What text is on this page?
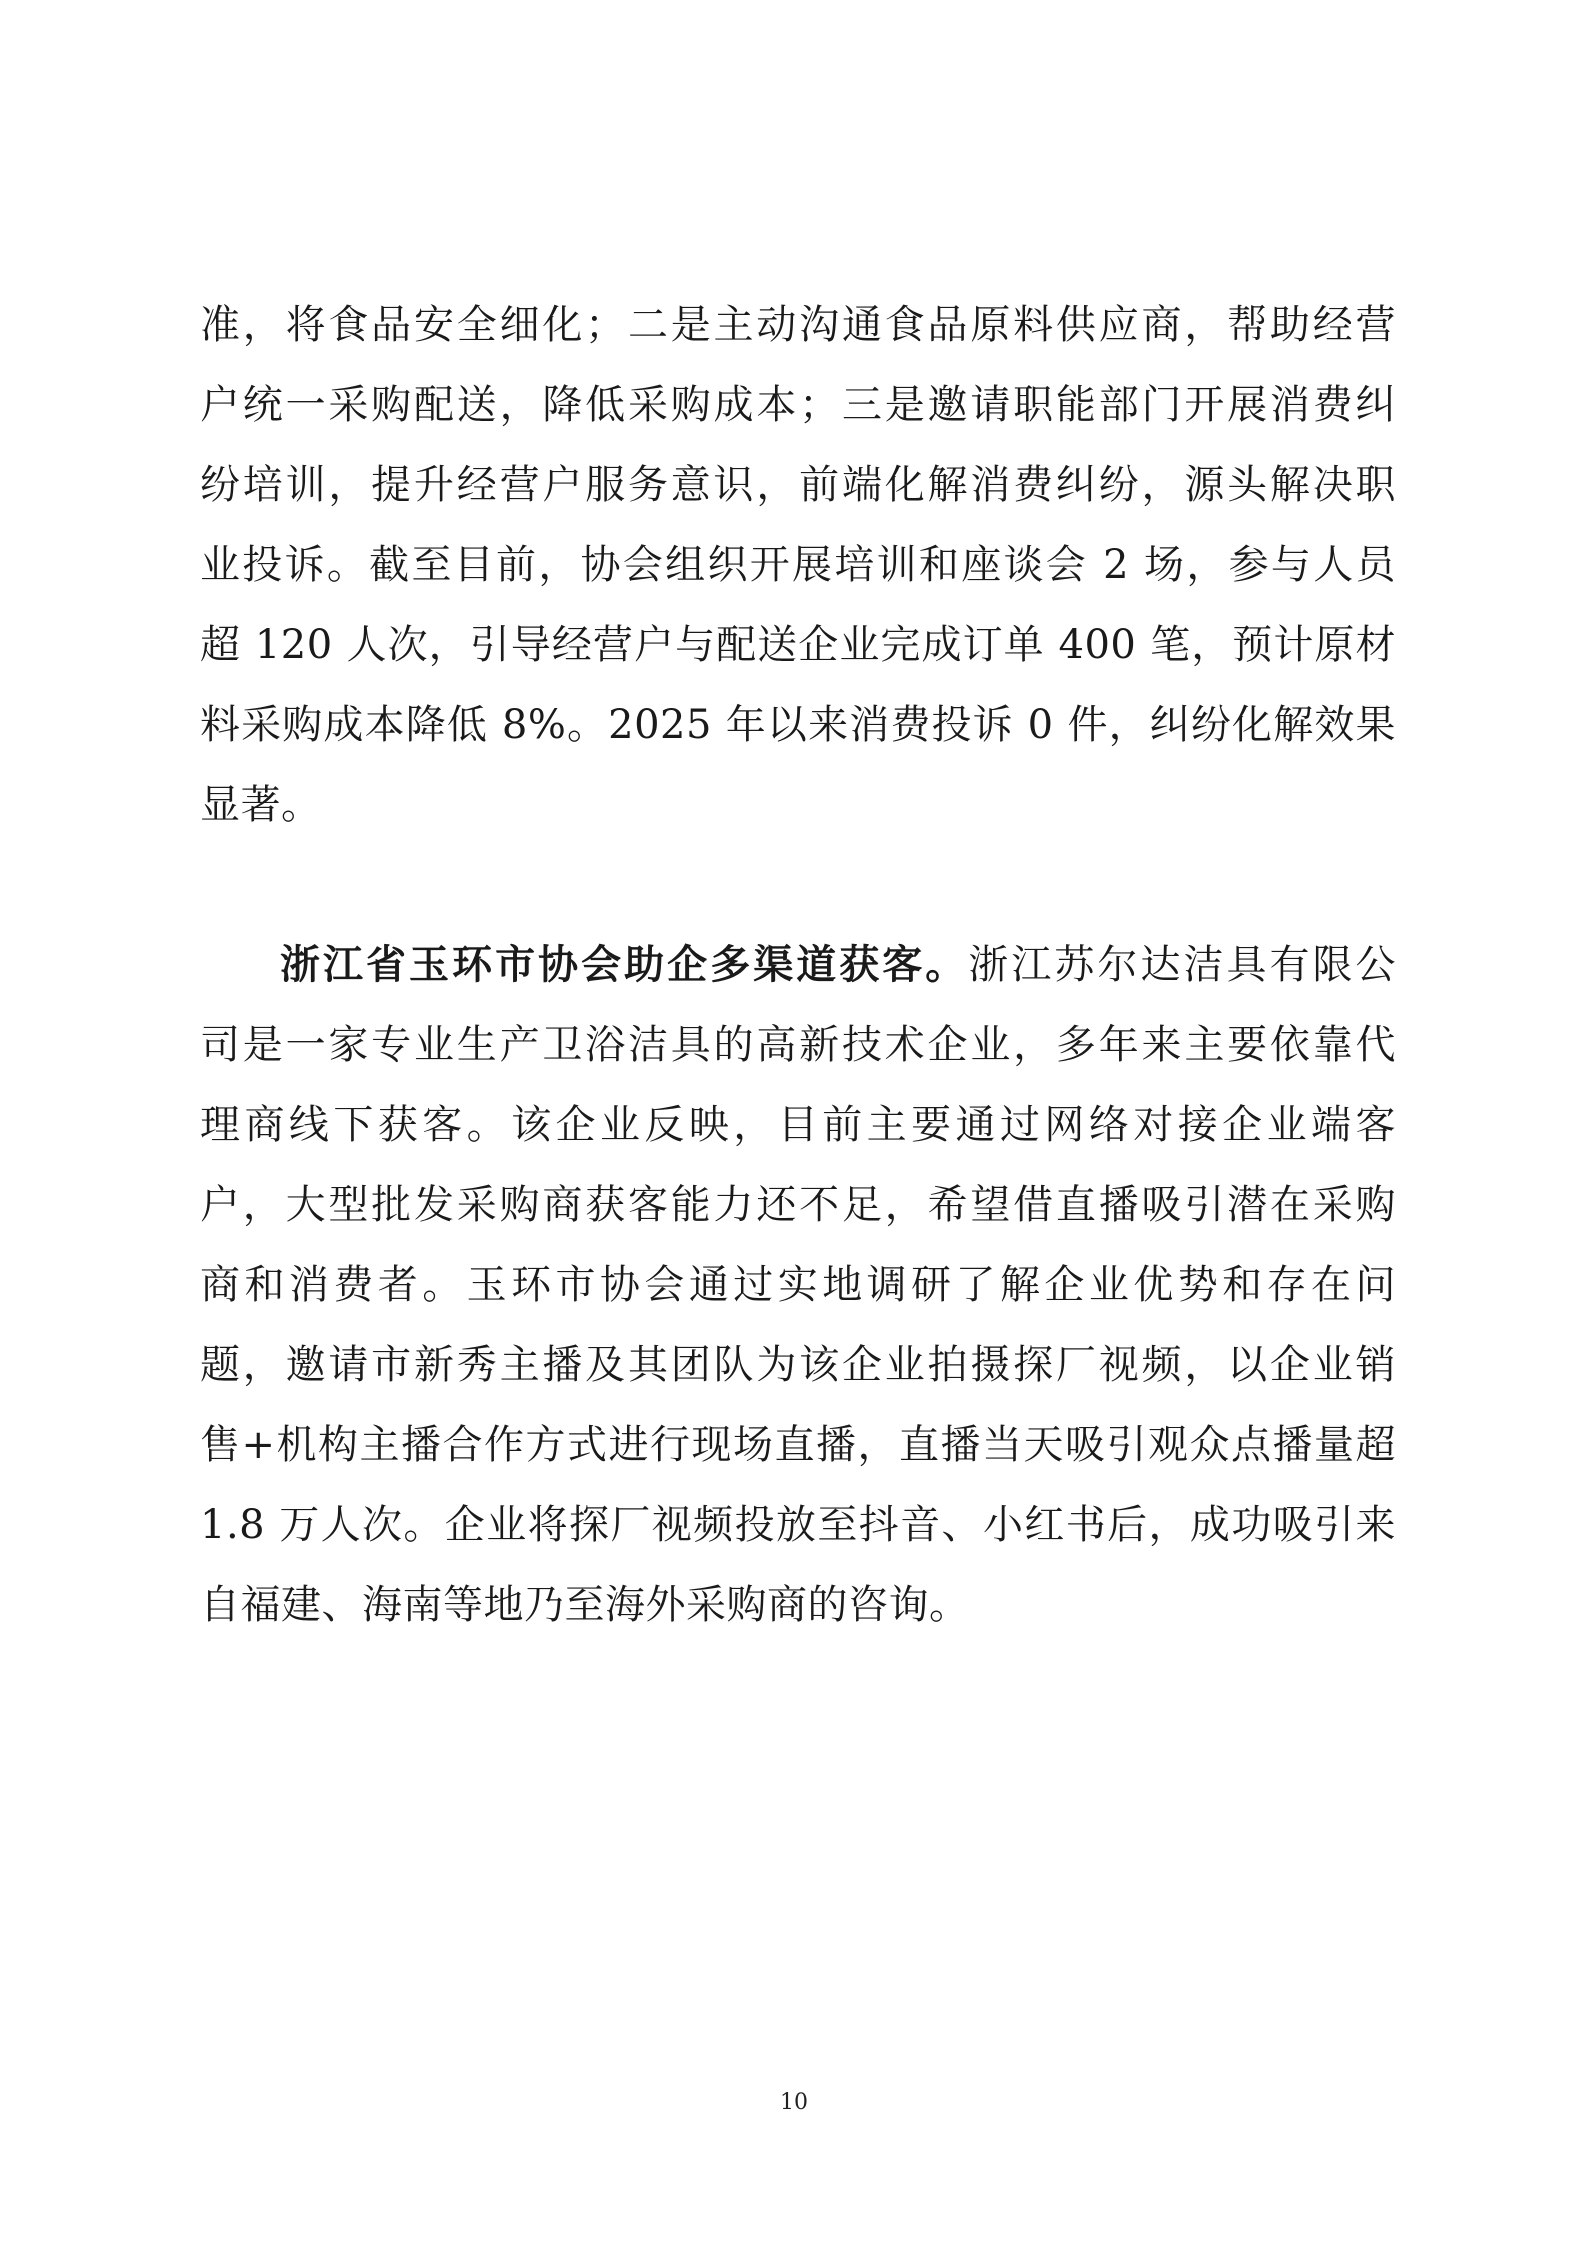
准，将食品安全细化；二是主动沟通食品原料供应商，帮助经营
户统一采购配送，降低采购成本；三是邀请职能部门开展消费纠
纷培训，提升经营户服务意识，前端化解消费纠纷，源头解决职
业投诉。截至目前，协会组织开展培训和座谈会 2 场，参与人员
超 120 人次，引导经营户与配送企业完成订单 400 笔，预计原材
料采购成本降低 8%。2025 年以来消费投诉 0 件，纠纷化解效果
显著。
浙江省玉环市协会助企多渠道获客。浙江苏尔达洁具有限公
司是一家专业生产卫浴洁具的高新技术企业，多年来主要依靠代
理商线下获客。该企业反映，目前主要通过网络对接企业端客
户，大型批发采购商获客能力还不足，希望借直播吸引潜在采购
商和消费者。玉环市协会通过实地调研了解企业优势和存在问
题，邀请市新秀主播及其团队为该企业拍摄探厂视频，以企业销
售+机构主播合作方式进行现场直播，直播当天吸引观众点播量超
1.8 万人次。企业将探厂视频投放至抖音、小红书后，成功吸引来
自福建、海南等地乃至海外采购商的咨询。
10
